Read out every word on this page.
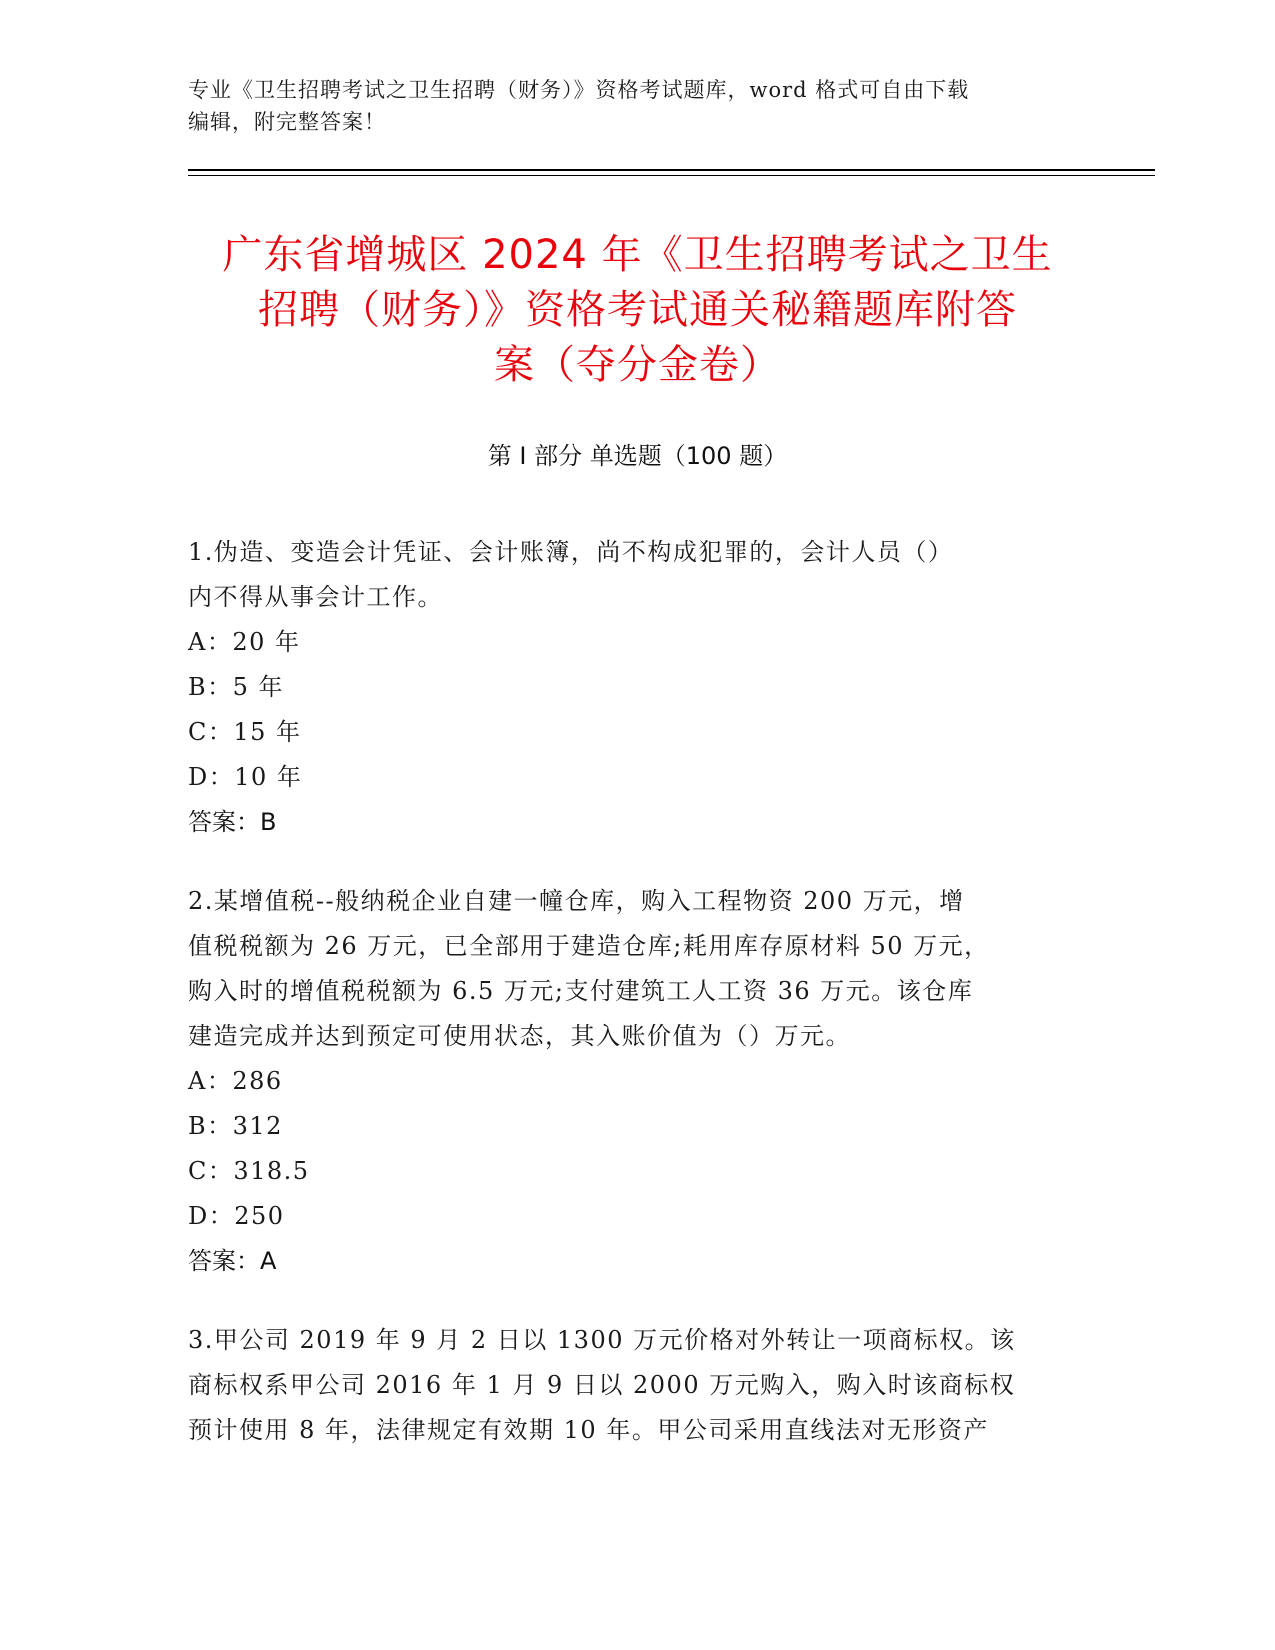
专业《卫生招聘考试之卫生招聘（财务）》资格考试题库，word 格式可自由下载
编辑，附完整答案！
广东省增城区 2024 年《卫生招聘考试之卫生
招聘（财务）》资格考试通关秘籍题库附答
案（夺分金卷）
第 I 部分 单选题（100 题）

1.伪造、变造会计凭证、会计账簿，尚不构成犯罪的，会计人员（）

内不得从事会计工作。

A：20 年

B：5 年

C：15 年

D：10 年

答案：B

2.某增值税--般纳税企业自建一幢仓库，购入工程物资 200 万元，增

值税税额为 26 万元，已全部用于建造仓库;耗用库存原材料 50 万元，

购入时的增值税税额为 6.5 万元;支付建筑工人工资 36 万元。该仓库

建造完成并达到预定可使用状态，其入账价值为（）万元。

A：286

B：312

C：318.5

D：250

答案：A

3.甲公司 2019 年 9 月 2 日以 1300 万元价格对外转让一项商标权。该

商标权系甲公司 2016 年 1 月 9 日以 2000 万元购入，购入时该商标权

预计使用 8 年，法律规定有效期 10 年。甲公司采用直线法对无形资产
